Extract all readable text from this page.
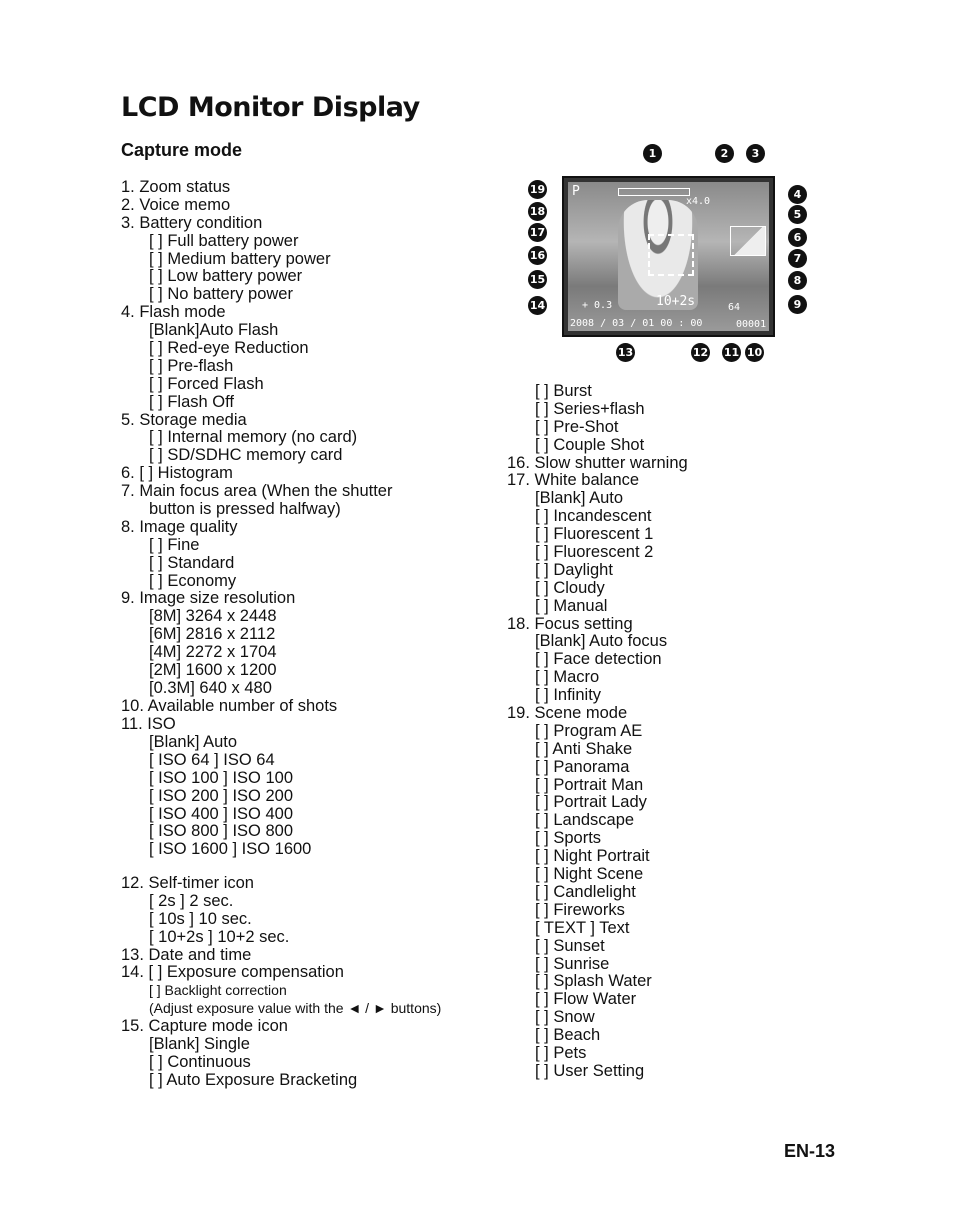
LCD Monitor Display
Capture mode
1. Zoom status
2. Voice memo
3. Battery condition
[ ] Full battery power
[ ] Medium battery power
[ ] Low battery power
[ ] No battery power
4. Flash mode
[Blank]Auto Flash
[ ] Red-eye Reduction
[ ] Pre-flash
[ ] Forced Flash
[ ] Flash Off
5. Storage media
[ ] Internal memory (no card)
[ ] SD/SDHC memory card
6. [ ] Histogram
7. Main focus area (When the shutter
button is pressed halfway)
8. Image quality
[ ] Fine
[ ] Standard
[ ] Economy
9. Image size resolution
[8M] 3264 x 2448
[6M] 2816 x 2112
[4M] 2272 x 1704
[2M] 1600 x 1200
[0.3M] 640 x 480
10. Available number of shots
11. ISO
[Blank] Auto
[ ISO 64 ] ISO 64
[ ISO 100 ] ISO 100
[ ISO 200 ] ISO 200
[ ISO 400 ] ISO 400
[ ISO 800 ] ISO 800
[ ISO 1600 ] ISO 1600
12. Self-timer icon
[ 2s ] 2 sec.
[ 10s ] 10 sec.
[ 10+2s ] 10+2 sec.
13. Date and time
14. [ ] Exposure compensation
[ ] Backlight correction
(Adjust exposure value with the ◄ / ► buttons)
15. Capture mode icon
[Blank] Single
[ ] Continuous
[ ] Auto Exposure Bracketing
[ ] Burst
[ ] Series+flash
[ ] Pre-Shot
[ ] Couple Shot
16. Slow shutter warning
17. White balance
[Blank] Auto
[ ] Incandescent
[ ] Fluorescent 1
[ ] Fluorescent 2
[ ] Daylight
[ ] Cloudy
[ ] Manual
18. Focus setting
[Blank] Auto focus
[ ] Face detection
[ ] Macro
[ ] Infinity
19. Scene mode
[ ] Program AE
[ ] Anti Shake
[ ] Panorama
[ ] Portrait Man
[ ] Portrait Lady
[ ] Landscape
[ ] Sports
[ ] Night Portrait
[ ] Night Scene
[ ] Candlelight
[ ] Fireworks
[ TEXT ] Text
[ ] Sunset
[ ] Sunrise
[ ] Splash Water
[ ] Flow Water
[ ] Snow
[ ] Beach
[ ] Pets
[ ] User Setting
P
x4.0
+ 0.3	10+2s	64
2008 / 03 / 01 00 : 00	00001
1	2	3
4
5
6
7
8
9
10
11
12
13
14
15
16
17
18
19
EN-13
